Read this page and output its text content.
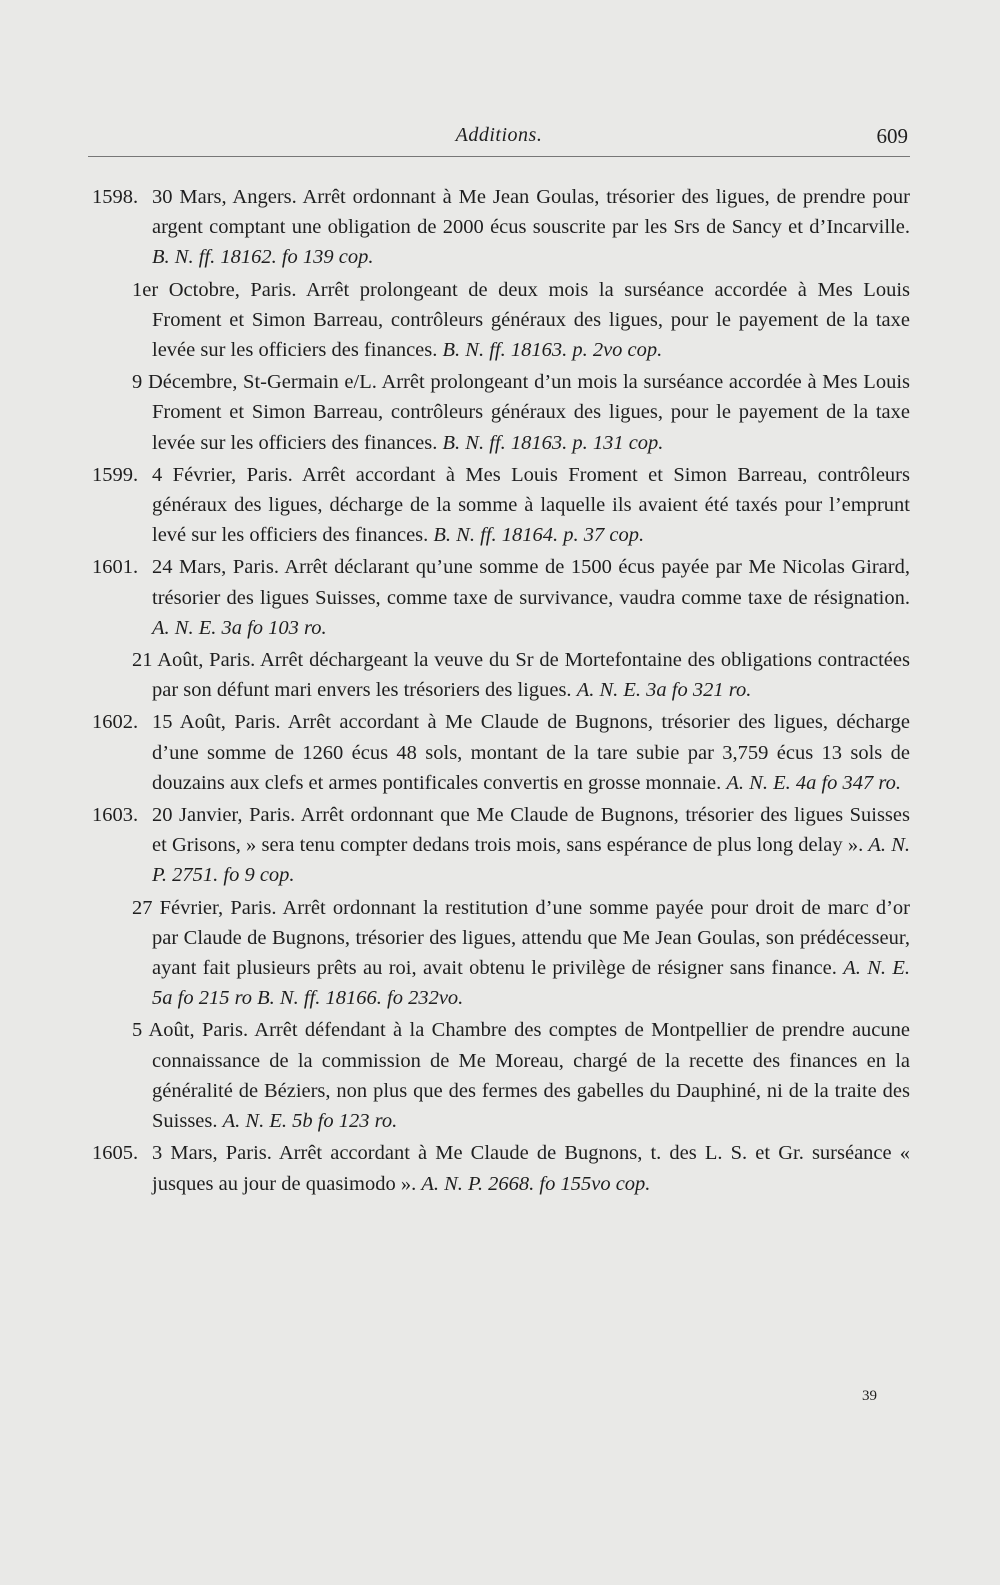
Additions.	609
1598. 30 Mars, Angers. Arrêt ordonnant à Me Jean Goulas, trésorier des ligues, de prendre pour argent comptant une obligation de 2000 écus souscrite par les Srs de Sancy et d’Incarville. B. N. ff. 18162. fo 139 cop.
1er Octobre, Paris. Arrêt prolongeant de deux mois la surséance accordée à Mes Louis Froment et Simon Barreau, contrôleurs généraux des ligues, pour le payement de la taxe levée sur les officiers des finances. B. N. ff. 18163. p. 2vo cop.
9 Décembre, St-Germain e/L. Arrêt prolongeant d’un mois la surséance accordée à Mes Louis Froment et Simon Barreau, contrôleurs généraux des ligues, pour le payement de la taxe levée sur les officiers des finances. B. N. ff. 18163. p. 131 cop.
1599. 4 Février, Paris. Arrêt accordant à Mes Louis Froment et Simon Barreau, contrôleurs généraux des ligues, décharge de la somme à laquelle ils avaient été taxés pour l’emprunt levé sur les officiers des finances. B. N. ff. 18164. p. 37 cop.
1601. 24 Mars, Paris. Arrêt déclarant qu’une somme de 1500 écus payée par Me Nicolas Girard, trésorier des ligues Suisses, comme taxe de survivance, vaudra comme taxe de résignation. A. N. E. 3a fo 103 ro.
21 Août, Paris. Arrêt déchargeant la veuve du Sr de Mortefontaine des obligations contractées par son défunt mari envers les trésoriers des ligues. A. N. E. 3a fo 321 ro.
1602. 15 Août, Paris. Arrêt accordant à Me Claude de Bugnons, trésorier des ligues, décharge d’une somme de 1260 écus 48 sols, montant de la tare subie par 3,759 écus 13 sols de douzains aux clefs et armes pontificales convertis en grosse monnaie. A. N. E. 4a fo 347 ro.
1603. 20 Janvier, Paris. Arrêt ordonnant que Me Claude de Bugnons, trésorier des ligues Suisses et Grisons, » sera tenu compter dedans trois mois, sans espérance de plus long delay ». A. N. P. 2751. fo 9 cop.
27 Février, Paris. Arrêt ordonnant la restitution d’une somme payée pour droit de marc d’or par Claude de Bugnons, trésorier des ligues, attendu que Me Jean Goulas, son prédécesseur, ayant fait plusieurs prêts au roi, avait obtenu le privilège de résigner sans finance. A. N. E. 5a fo 215 ro B. N. ff. 18166. fo 232vo.
5 Août, Paris. Arrêt défendant à la Chambre des comptes de Montpellier de prendre aucune connaissance de la commission de Me Moreau, chargé de la recette des finances en la généralité de Béziers, non plus que des fermes des gabelles du Dauphiné, ni de la traite des Suisses. A. N. E. 5b fo 123 ro.
1605. 3 Mars, Paris. Arrêt accordant à Me Claude de Bugnons, t. des L. S. et Gr. surséance « jusques au jour de quasimodo ». A. N. P. 2668. fo 155vo cop.
39
